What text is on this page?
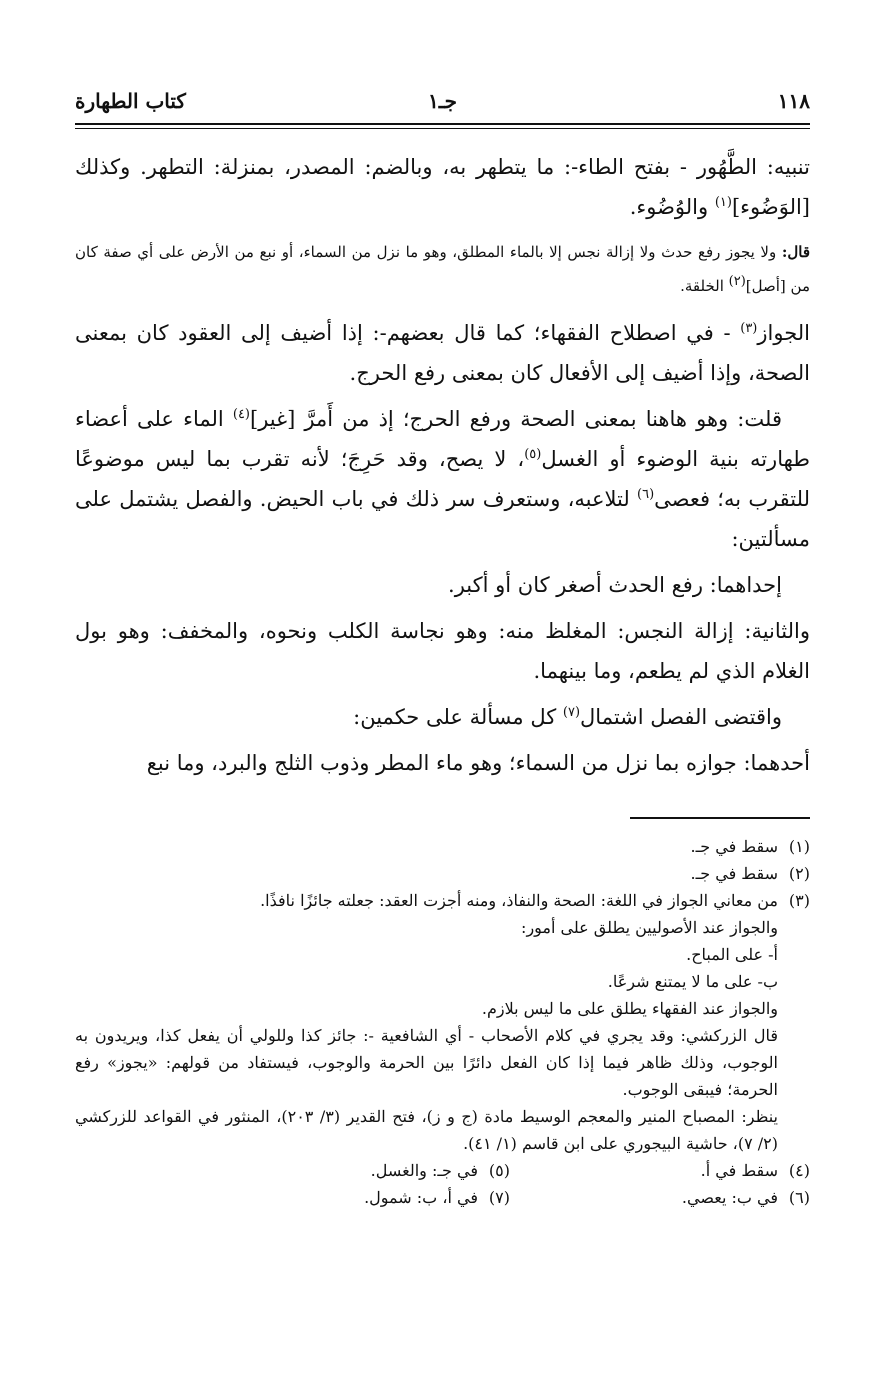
١١٨
جـ١
كتاب الطهارة

تنبيه: الطَّهُور - بفتح الطاء-: ما يتطهر به، وبالضم: المصدر، بمنزلة: التطهر. وكذلك [الوَضُوء]$^{(١)}$ والوُضُوء.

قال: ولا يجوز رفع حدث ولا إزالة نجس إلا بالماء المطلق، وهو ما نزل من السماء، أو نبع من الأرض على أي صفة كان من [أصل](٢) الخلقة.

الجواز$^{(٣)}$ - في اصطلاح الفقهاء؛ كما قال بعضهم-: إذا أضيف إلى العقود كان بمعنى الصحة، وإذا أضيف إلى الأفعال كان بمعنى رفع الحرج.

قلت: وهو هاهنا بمعنى الصحة ورفع الحرج؛ إذ من أَمرَّ [غير]$^{(٤)}$ الماء على أعضاء طهارته بنية الوضوء أو الغسل$^{(٥)}$، لا يصح، وقد حَرِجَ؛ لأنه تقرب بما ليس موضوعًا للتقرب به؛ فعصى$^{(٦)}$ لتلاعبه، وستعرف سر ذلك في باب الحيض. والفصل يشتمل على مسألتين:

إحداهما: رفع الحدث أصغر كان أو أكبر.

والثانية: إزالة النجس: المغلظ منه: وهو نجاسة الكلب ونحوه، والمخفف: وهو بول الغلام الذي لم يطعم، وما بينهما.

واقتضى الفصل اشتمال$^{(٧)}$ كل مسألة على حكمين:

أحدهما: جوازه بما نزل من السماء؛ وهو ماء المطر وذوب الثلج والبرد، وما نبع

(١)
سقط في جـ.
(٢)
سقط في جـ.
(٣)
من معاني الجواز في اللغة: الصحة والنفاذ، ومنه أجزت العقد: جعلته جائزًا نافذًا.
والجواز عند الأصوليين يطلق على أمور:
أ- على المباح.
ب- على ما لا يمتنع شرعًا.
والجواز عند الفقهاء يطلق على ما ليس بلازم.
قال الزركشي: وقد يجري في كلام الأصحاب - أي الشافعية -: جائز كذا وللولي أن يفعل كذا، ويريدون به الوجوب، وذلك ظاهر فيما إذا كان الفعل دائرًا بين الحرمة والوجوب، فيستفاد من قولهم: «يجوز» رفع الحرمة؛ فيبقى الوجوب.
ينظر: المصباح المنير والمعجم الوسيط مادة (ج و ز)، فتح القدير (٣/ ٢٠٣)، المنثور في القواعد للزركشي (٢/ ٧)، حاشية البيجوري على ابن قاسم (١/ ٤١).
(٤)
سقط في أ.
(٥)
في جـ: والغسل.
(٦)
في ب: يعصي.
(٧)
في أ، ب: شمول.
